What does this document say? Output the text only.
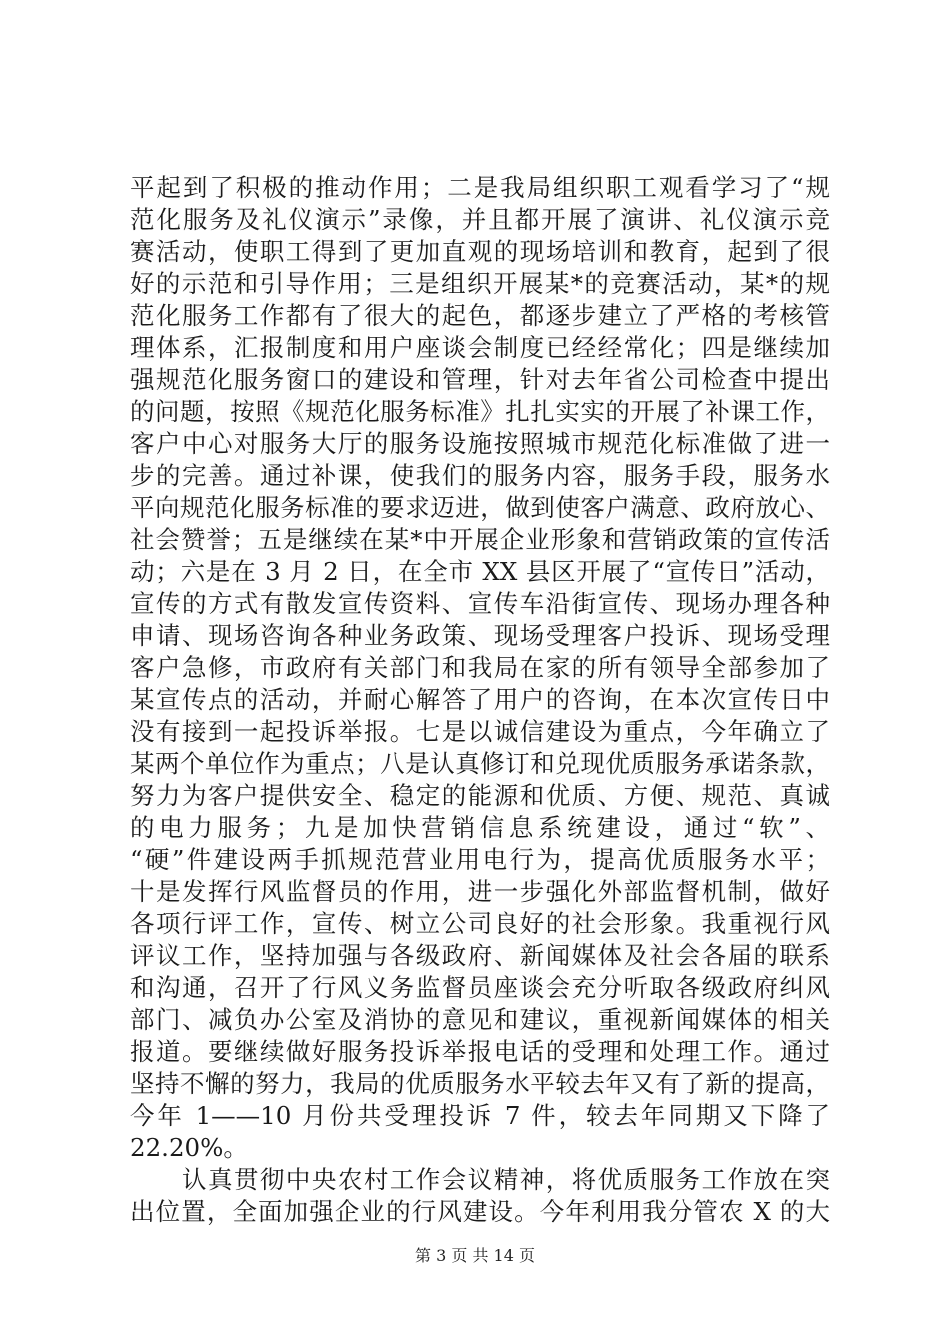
平起到了积极的推动作用；二是我局组织职工观看学习了“规
范化服务及礼仪演示”录像，并且都开展了演讲、礼仪演示竞
赛活动，使职工得到了更加直观的现场培训和教育，起到了很
好的示范和引导作用；三是组织开展某*的竞赛活动，某*的规
范化服务工作都有了很大的起色，都逐步建立了严格的考核管
理体系，汇报制度和用户座谈会制度已经经常化；四是继续加
强规范化服务窗口的建设和管理，针对去年省公司检查中提出
的问题，按照《规范化服务标准》扎扎实实的开展了补课工作，
客户中心对服务大厅的服务设施按照城市规范化标准做了进一
步的完善。通过补课，使我们的服务内容，服务手段，服务水
平向规范化服务标准的要求迈进，做到使客户满意、政府放心、
社会赞誉；五是继续在某*中开展企业形象和营销政策的宣传活
动；六是在 3 月 2 日，在全市 XX 县区开展了“宣传日”活动，
宣传的方式有散发宣传资料、宣传车沿街宣传、现场办理各种
申请、现场咨询各种业务政策、现场受理客户投诉、现场受理
客户急修，市政府有关部门和我局在家的所有领导全部参加了
某宣传点的活动，并耐心解答了用户的咨询，在本次宣传日中
没有接到一起投诉举报。七是以诚信建设为重点，今年确立了
某两个单位作为重点；八是认真修订和兑现优质服务承诺条款，
努力为客户提供安全、稳定的能源和优质、方便、规范、真诚
的电力服务；九是加快营销信息系统建设，通过“软”、
“硬”件建设两手抓规范营业用电行为，提高优质服务水平；
十是发挥行风监督员的作用，进一步强化外部监督机制，做好
各项行评工作，宣传、树立公司良好的社会形象。我重视行风
评议工作，坚持加强与各级政府、新闻媒体及社会各届的联系
和沟通，召开了行风义务监督员座谈会充分听取各级政府纠风
部门、减负办公室及消协的意见和建议，重视新闻媒体的相关
报道。要继续做好服务投诉举报电话的受理和处理工作。通过
坚持不懈的努力，我局的优质服务水平较去年又有了新的提高，
今年 1——10 月份共受理投诉 7 件，较去年同期又下降了
22.20%。
认真贯彻中央农村工作会议精神，将优质服务工作放在突
出位置，全面加强企业的行风建设。今年利用我分管农 X 的大
第 3 页 共 14 页
